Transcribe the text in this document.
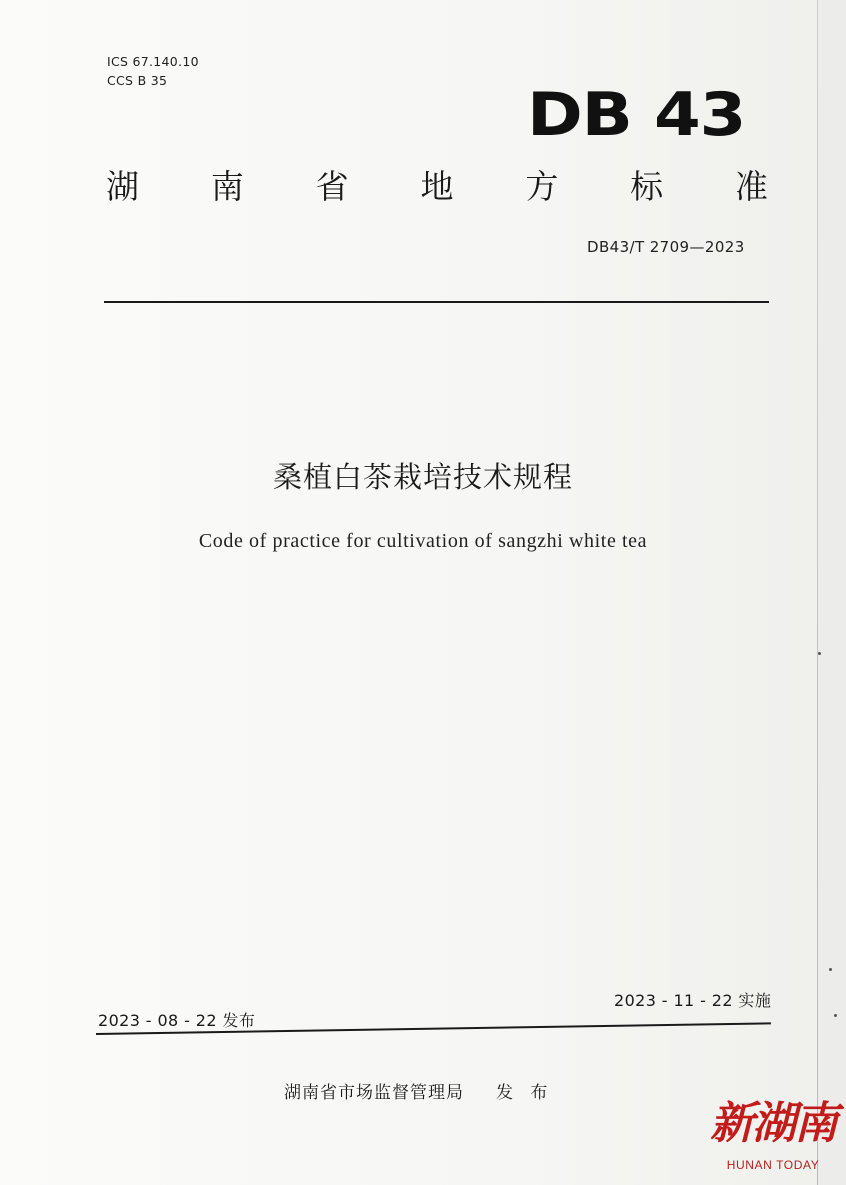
ICS 67.140.10
CCS B 35	DB 43
湖 南 省 地 方 标 准
DB43/T 2709—2023
桑植白茶栽培技术规程
Code of practice for cultivation of sangzhi white tea
2023 - 11 - 22 实施
2023 - 08 - 22 发布
湖南省市场监督管理局 发 布
新湖南
HUNAN TODAY
